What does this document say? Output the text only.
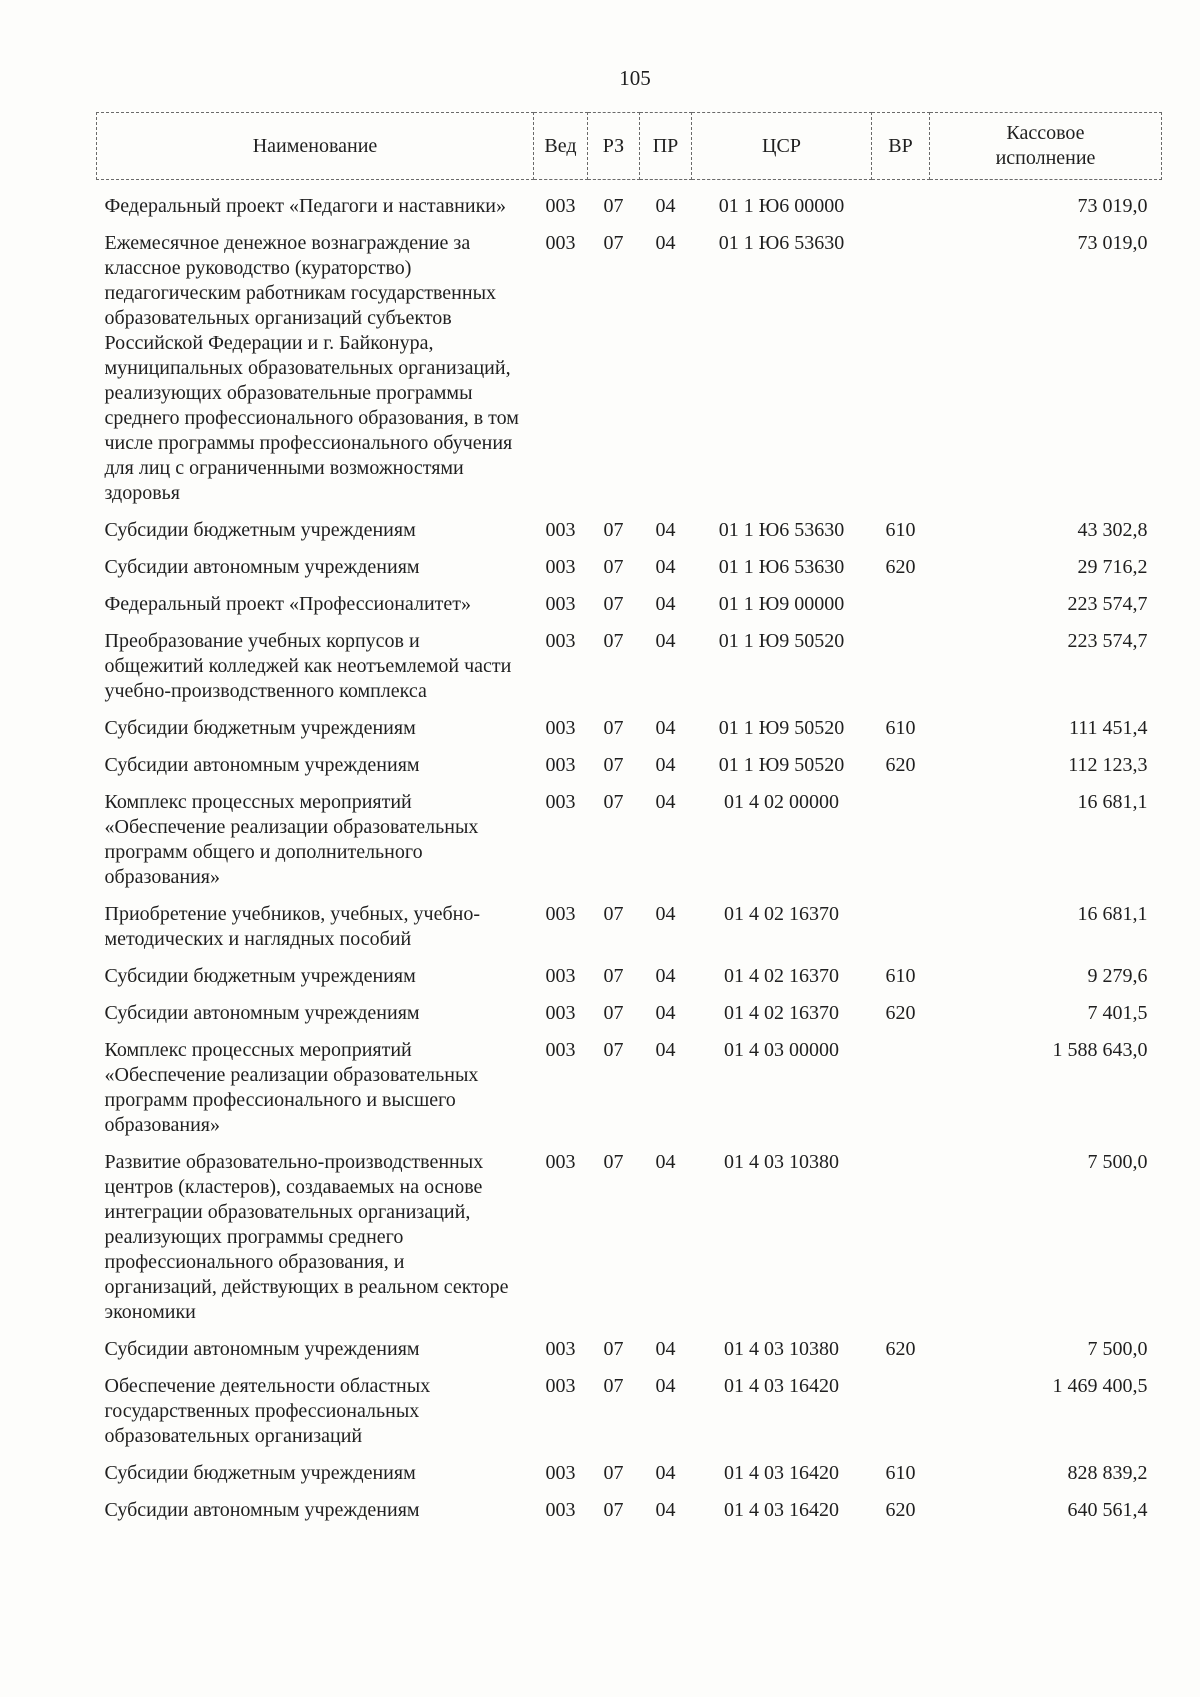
105
Наименование	Вед	РЗ	ПР	ЦСР	ВР	Кассовое исполнение
Федеральный проект «Педагоги и наставники»	003	07	04	01 1 Ю6 00000		73 019,0
Ежемесячное денежное вознаграждение за классное руководство (кураторство) педагогическим работникам государственных образовательных организаций субъектов Российской Федерации и г. Байконура, муниципальных образовательных организаций, реализующих образовательные программы среднего профессионального образования, в том числе программы профессионального обучения для лиц с ограниченными возможностями здоровья	003	07	04	01 1 Ю6 53630		73 019,0
Субсидии бюджетным учреждениям	003	07	04	01 1 Ю6 53630	610	43 302,8
Субсидии автономным учреждениям	003	07	04	01 1 Ю6 53630	620	29 716,2
Федеральный проект «Профессионалитет»	003	07	04	01 1 Ю9 00000		223 574,7
Преобразование учебных корпусов и общежитий колледжей как неотъемлемой части учебно-производственного комплекса	003	07	04	01 1 Ю9 50520		223 574,7
Субсидии бюджетным учреждениям	003	07	04	01 1 Ю9 50520	610	111 451,4
Субсидии автономным учреждениям	003	07	04	01 1 Ю9 50520	620	112 123,3
Комплекс процессных мероприятий «Обеспечение реализации образовательных программ общего и дополнительного образования»	003	07	04	01 4 02 00000		16 681,1
Приобретение учебников, учебных, учебно-методических и наглядных пособий	003	07	04	01 4 02 16370		16 681,1
Субсидии бюджетным учреждениям	003	07	04	01 4 02 16370	610	9 279,6
Субсидии автономным учреждениям	003	07	04	01 4 02 16370	620	7 401,5
Комплекс процессных мероприятий «Обеспечение реализации образовательных программ профессионального и высшего образования»	003	07	04	01 4 03 00000		1 588 643,0
Развитие образовательно-производственных центров (кластеров), создаваемых на основе интеграции образовательных организаций, реализующих программы среднего профессионального образования, и организаций, действующих в реальном секторе экономики	003	07	04	01 4 03 10380		7 500,0
Субсидии автономным учреждениям	003	07	04	01 4 03 10380	620	7 500,0
Обеспечение деятельности областных государственных профессиональных образовательных организаций	003	07	04	01 4 03 16420		1 469 400,5
Субсидии бюджетным учреждениям	003	07	04	01 4 03 16420	610	828 839,2
Субсидии автономным учреждениям	003	07	04	01 4 03 16420	620	640 561,4
